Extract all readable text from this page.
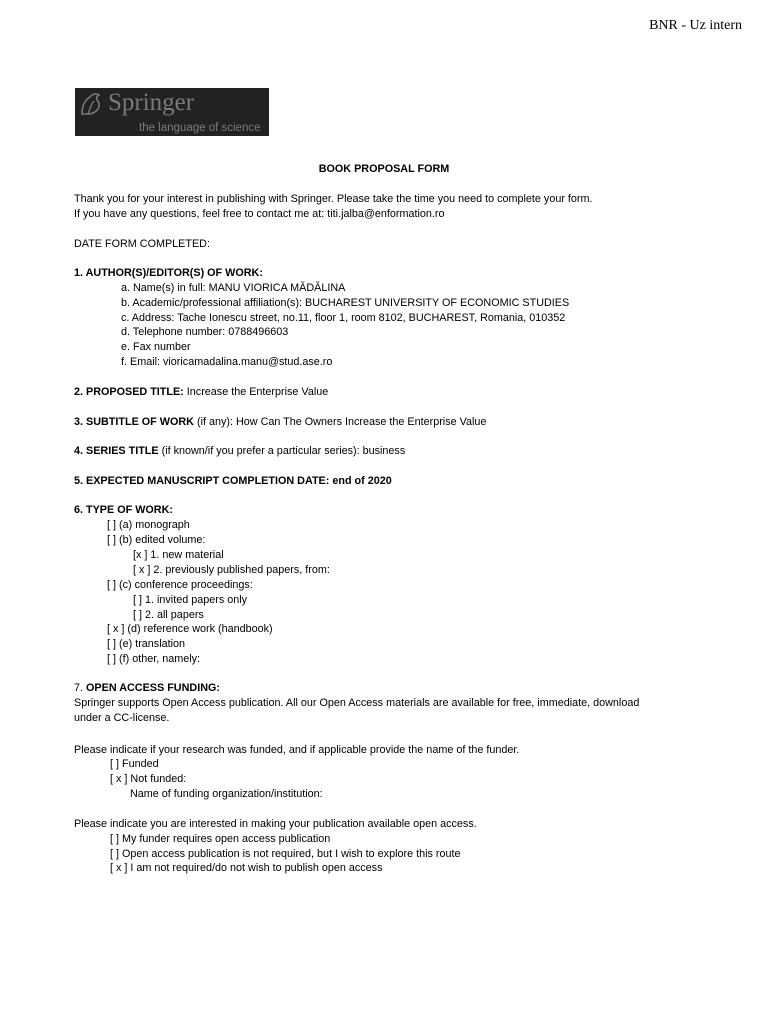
BNR - Uz intern
Springer
the language of science
BOOK PROPOSAL FORM
Thank you for your interest in publishing with Springer. Please take the time you need to complete your form.
If you have any questions, feel free to contact me at: titi.jalba@enformation.ro
DATE FORM COMPLETED:
1. AUTHOR(S)/EDITOR(S) OF WORK:
a. Name(s) in full: MANU VIORICA MĂDĂLINA
b. Academic/professional affiliation(s): BUCHAREST UNIVERSITY OF ECONOMIC STUDIES
c. Address: Tache Ionescu street, no.11, floor 1, room 8102, BUCHAREST, Romania, 010352
d. Telephone number: 0788496603
e. Fax number
f. Email: vioricamadalina.manu@stud.ase.ro
2. PROPOSED TITLE: Increase the Enterprise Value
3. SUBTITLE OF WORK (if any): How Can The Owners Increase the Enterprise Value
4. SERIES TITLE (if known/if you prefer a particular series): business
5. EXPECTED MANUSCRIPT COMPLETION DATE: end of 2020
6. TYPE OF WORK:
[ ] (a) monograph
[ ] (b) edited volume:
[x ] 1. new material
[ x ] 2. previously published papers, from:
[ ] (c) conference proceedings:
[ ] 1. invited papers only
[ ] 2. all papers
[ x ] (d) reference work (handbook)
[ ] (e) translation
[ ] (f) other, namely:
7. OPEN ACCESS FUNDING:
Springer supports Open Access publication. All our Open Access materials are available for free, immediate, download
under a CC-license.
Please indicate if your research was funded, and if applicable provide the name of the funder.
[ ] Funded
[ x ] Not funded:
Name of funding organization/institution:
Please indicate you are interested in making your publication available open access.
[ ] My funder requires open access publication
[ ] Open access publication is not required, but I wish to explore this route
[ x ] I am not required/do not wish to publish open access
